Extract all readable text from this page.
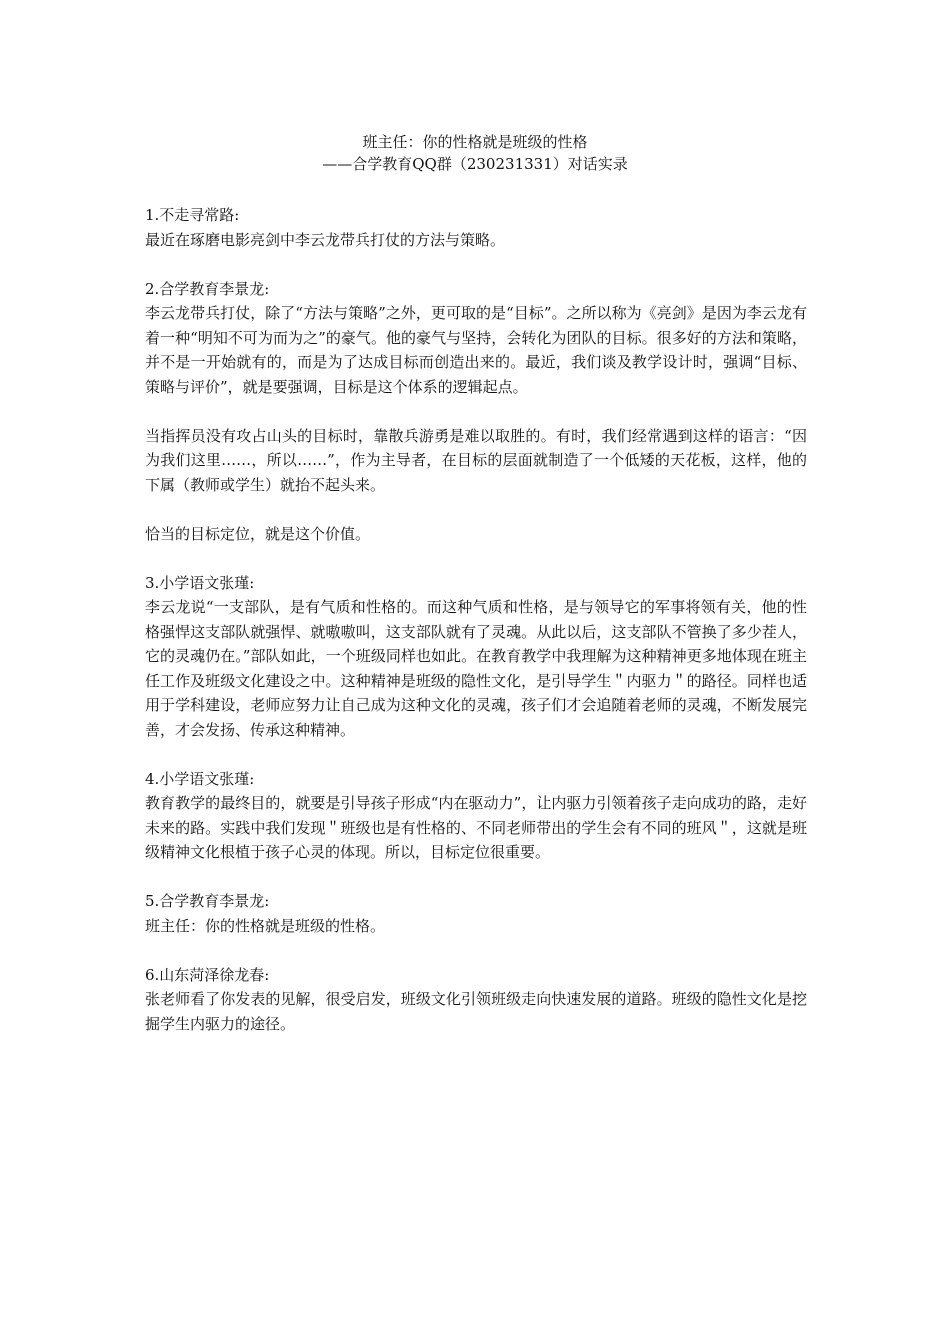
班主任：你的性格就是班级的性格
——合学教育QQ群（230231331）对话实录
1.不走寻常路:
最近在琢磨电影亮剑中李云龙带兵打仗的方法与策略。
2.合学教育李景龙:
李云龙带兵打仗，除了“方法与策略”之外，更可取的是“目标”。之所以称为《亮剑》是因为李云龙有着一种“明知不可为而为之”的豪气。他的豪气与坚持，会转化为团队的目标。很多好的方法和策略，并不是一开始就有的，而是为了达成目标而创造出来的。最近，我们谈及教学设计时，强调“目标、策略与评价”，就是要强调，目标是这个体系的逻辑起点。
当指挥员没有攻占山头的目标时，靠散兵游勇是难以取胜的。有时，我们经常遇到这样的语言：“因为我们这里……，所以……”，作为主导者，在目标的层面就制造了一个低矮的天花板，这样，他的下属（教师或学生）就抬不起头来。
恰当的目标定位，就是这个价值。
3.小学语文张瑾:
李云龙说“一支部队，是有气质和性格的。而这种气质和性格，是与领导它的军事将领有关，他的性格强悍这支部队就强悍、就嗷嗷叫，这支部队就有了灵魂。从此以后，这支部队不管换了多少茬人，它的灵魂仍在。”部队如此，一个班级同样也如此。在教育教学中我理解为这种精神更多地体现在班主任工作及班级文化建设之中。这种精神是班级的隐性文化，是引导学生＂内驱力＂的路径。同样也适用于学科建设，老师应努力让自己成为这种文化的灵魂，孩子们才会追随着老师的灵魂，不断发展完善，才会发扬、传承这种精神。
4.小学语文张瑾:
教育教学的最终目的，就要是引导孩子形成“内在驱动力”，让内驱力引领着孩子走向成功的路，走好未来的路。实践中我们发现＂班级也是有性格的、不同老师带出的学生会有不同的班风＂，这就是班级精神文化根植于孩子心灵的体现。所以，目标定位很重要。
5.合学教育李景龙:
班主任：你的性格就是班级的性格。
6.山东菏泽徐龙春:
张老师看了你发表的见解，很受启发，班级文化引领班级走向快速发展的道路。班级的隐性文化是挖掘学生内驱力的途径。
